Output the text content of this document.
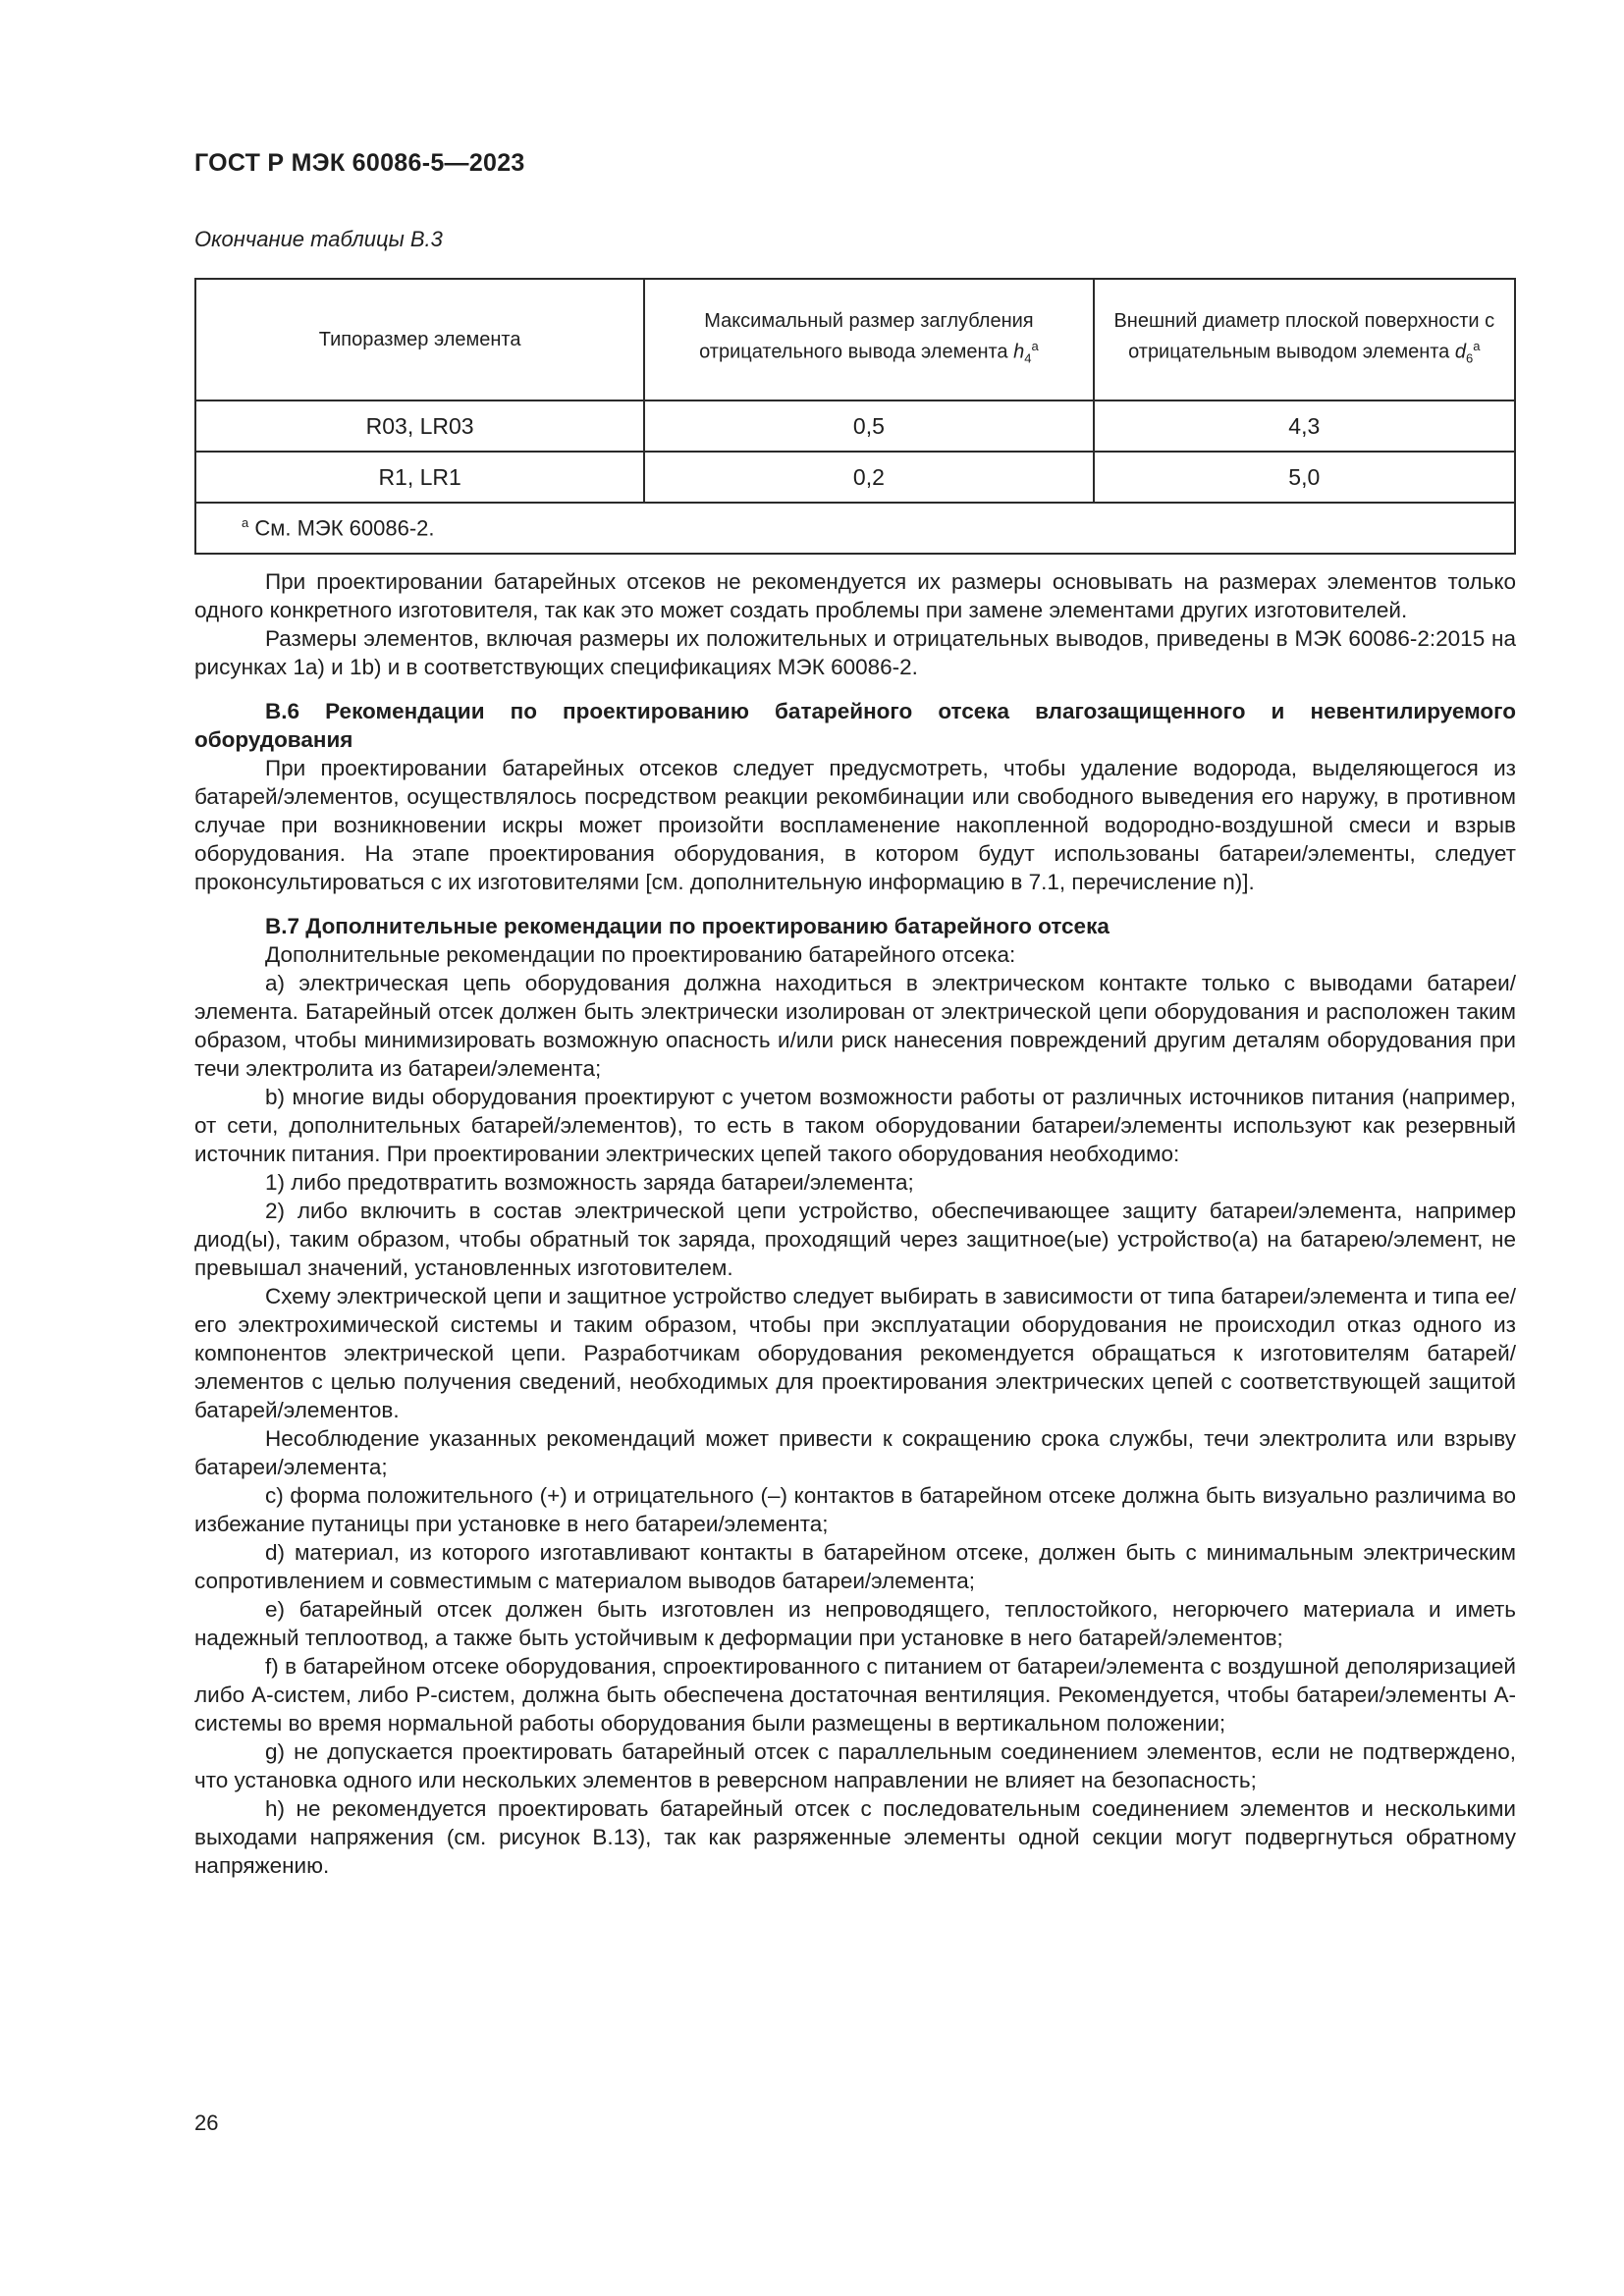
ГОСТ Р МЭК 60086-5—2023
Окончание таблицы В.3
Типоразмер элемента	Максимальный размер заглубления отрицательного вывода элемента $h_4^a$	Внешний диаметр плоской поверхности с отрицательным выводом элемента $d_6^a$
R03, LR03	0,5	4,3
R1, LR1	0,2	5,0
$^a$ См. МЭК 60086-2.		

При проектировании батарейных отсеков не рекомендуется их размеры основывать на размерах элементов только одного конкретного изготовителя, так как это может создать проблемы при замене элементами других изготовителей.

Размеры элементов, включая размеры их положительных и отрицательных выводов, приведены в МЭК 60086-2:2015 на рисунках 1a) и 1b) и в соответствующих спецификациях МЭК 60086-2.

В.6 Рекомендации по проектированию батарейного отсека влагозащищенного и невентилируемого оборудования

При проектировании батарейных отсеков следует предусмотреть, чтобы удаление водорода, выделяющегося из батарей/элементов, осуществлялось посредством реакции рекомбинации или свободного выведения его наружу, в противном случае при возникновении искры может произойти воспламенение накопленной водородно-воздушной смеси и взрыв оборудования. На этапе проектирования оборудования, в котором будут использованы батареи/элементы, следует проконсультироваться с их изготовителями [см. дополнительную информацию в 7.1, перечисление n)].

В.7 Дополнительные рекомендации по проектированию батарейного отсека

Дополнительные рекомендации по проектированию батарейного отсека:

a) электрическая цепь оборудования должна находиться в электрическом контакте только с выводами батареи/элемента. Батарейный отсек должен быть электрически изолирован от электрической цепи оборудования и расположен таким образом, чтобы минимизировать возможную опасность и/или риск нанесения повреждений другим деталям оборудования при течи электролита из батареи/элемента;

b) многие виды оборудования проектируют с учетом возможности работы от различных источников питания (например, от сети, дополнительных батарей/элементов), то есть в таком оборудовании батареи/элементы используют как резервный источник питания. При проектировании электрических цепей такого оборудования необходимо:

1) либо предотвратить возможность заряда батареи/элемента;

2) либо включить в состав электрической цепи устройство, обеспечивающее защиту батареи/элемента, например диод(ы), таким образом, чтобы обратный ток заряда, проходящий через защитное(ые) устройство(а) на батарею/элемент, не превышал значений, установленных изготовителем.

Схему электрической цепи и защитное устройство следует выбирать в зависимости от типа батареи/элемента и типа ее/его электрохимической системы и таким образом, чтобы при эксплуатации оборудования не происходил отказ одного из компонентов электрической цепи. Разработчикам оборудования рекомендуется обращаться к изготовителям батарей/элементов с целью получения сведений, необходимых для проектирования электрических цепей с соответствующей защитой батарей/элементов.

Несоблюдение указанных рекомендаций может привести к сокращению срока службы, течи электролита или взрыву батареи/элемента;

c) форма положительного (+) и отрицательного (–) контактов в батарейном отсеке должна быть визуально различима во избежание путаницы при установке в него батареи/элемента;

d) материал, из которого изготавливают контакты в батарейном отсеке, должен быть с минимальным электрическим сопротивлением и совместимым с материалом выводов батареи/элемента;

e) батарейный отсек должен быть изготовлен из непроводящего, теплостойкого, негорючего материала и иметь надежный теплоотвод, а также быть устойчивым к деформации при установке в него батарей/элементов;

f) в батарейном отсеке оборудования, спроектированного с питанием от батареи/элемента с воздушной деполяризацией либо А-систем, либо Р-систем, должна быть обеспечена достаточная вентиляция. Рекомендуется, чтобы батареи/элементы А-системы во время нормальной работы оборудования были размещены в вертикальном положении;

g) не допускается проектировать батарейный отсек с параллельным соединением элементов, если не подтверждено, что установка одного или нескольких элементов в реверсном направлении не влияет на безопасность;

h) не рекомендуется проектировать батарейный отсек с последовательным соединением элементов и несколькими выходами напряжения (см. рисунок В.13), так как разряженные элементы одной секции могут подвергнуться обратному напряжению.

26
